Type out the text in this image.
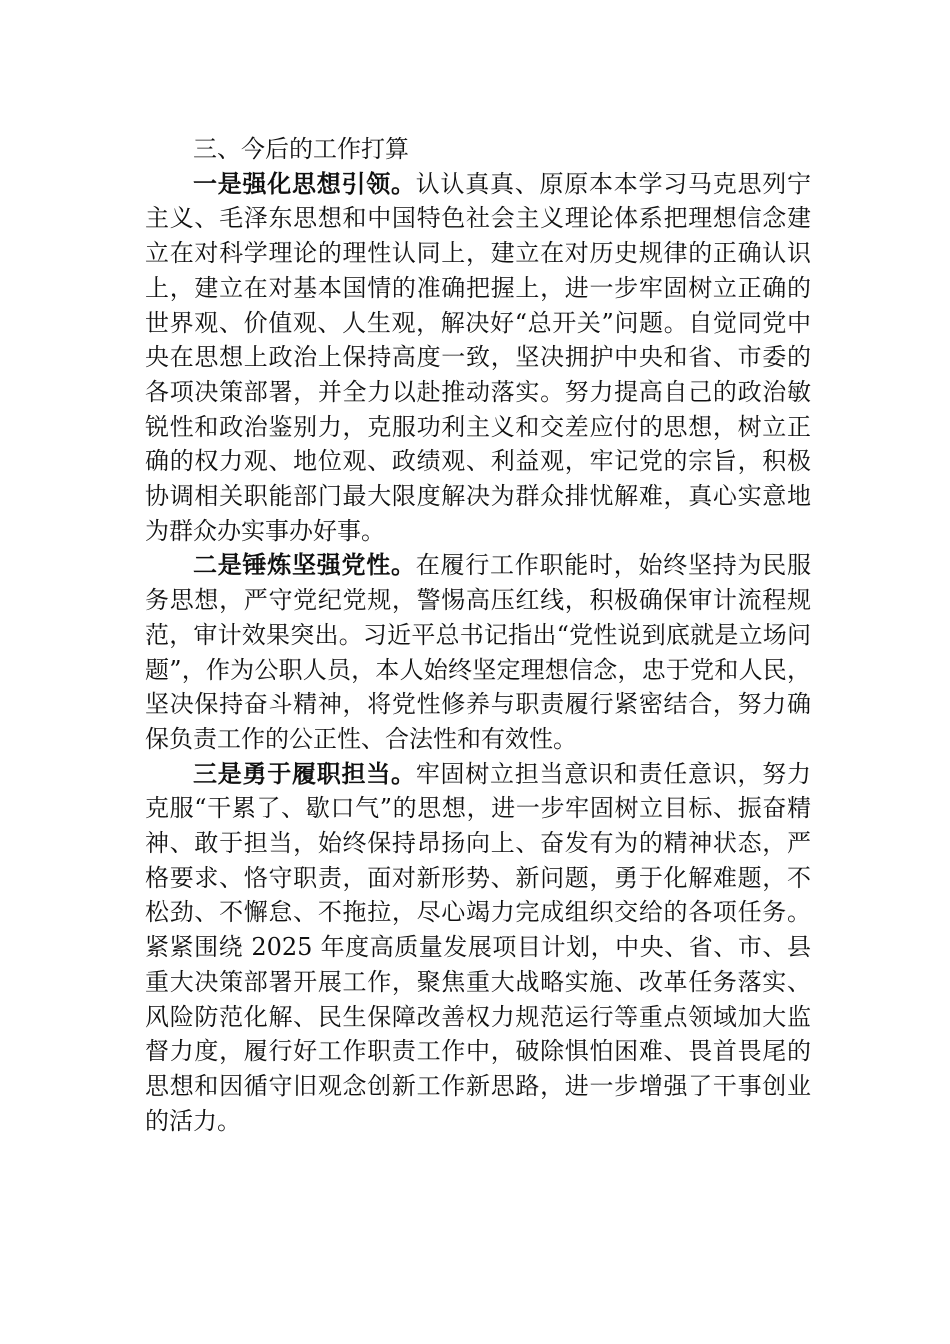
三、今后的工作打算

一是强化思想引领。认认真真、原原本本学习马克思列宁主义、毛泽东思想和中国特色社会主义理论体系把理想信念建立在对科学理论的理性认同上，建立在对历史规律的正确认识上，建立在对基本国情的准确把握上，进一步牢固树立正确的世界观、价值观、人生观，解决好“总开关”问题。自觉同党中央在思想上政治上保持高度一致，坚决拥护中央和省、市委的各项决策部署，并全力以赴推动落实。努力提高自己的政治敏锐性和政治鉴别力，克服功利主义和交差应付的思想，树立正确的权力观、地位观、政绩观、利益观，牢记党的宗旨，积极协调相关职能部门最大限度解决为群众排忧解难，真心实意地为群众办实事办好事。

二是锤炼坚强党性。在履行工作职能时，始终坚持为民服务思想，严守党纪党规，警惕高压红线，积极确保审计流程规范，审计效果突出。习近平总书记指出“党性说到底就是立场问题”，作为公职人员，本人始终坚定理想信念，忠于党和人民，坚决保持奋斗精神，将党性修养与职责履行紧密结合，努力确保负责工作的公正性、合法性和有效性。

三是勇于履职担当。牢固树立担当意识和责任意识，努力克服“干累了、歇口气”的思想，进一步牢固树立目标、振奋精神、敢于担当，始终保持昂扬向上、奋发有为的精神状态，严格要求、恪守职责，面对新形势、新问题，勇于化解难题，不松劲、不懈怠、不拖拉，尽心竭力完成组织交给的各项任务。紧紧围绕 2025 年度高质量发展项目计划，中央、省、市、县重大决策部署开展工作，聚焦重大战略实施、改革任务落实、风险防范化解、民生保障改善权力规范运行等重点领域加大监督力度，履行好工作职责工作中，破除惧怕困难、畏首畏尾的思想和因循守旧观念创新工作新思路，进一步增强了干事创业的活力。
